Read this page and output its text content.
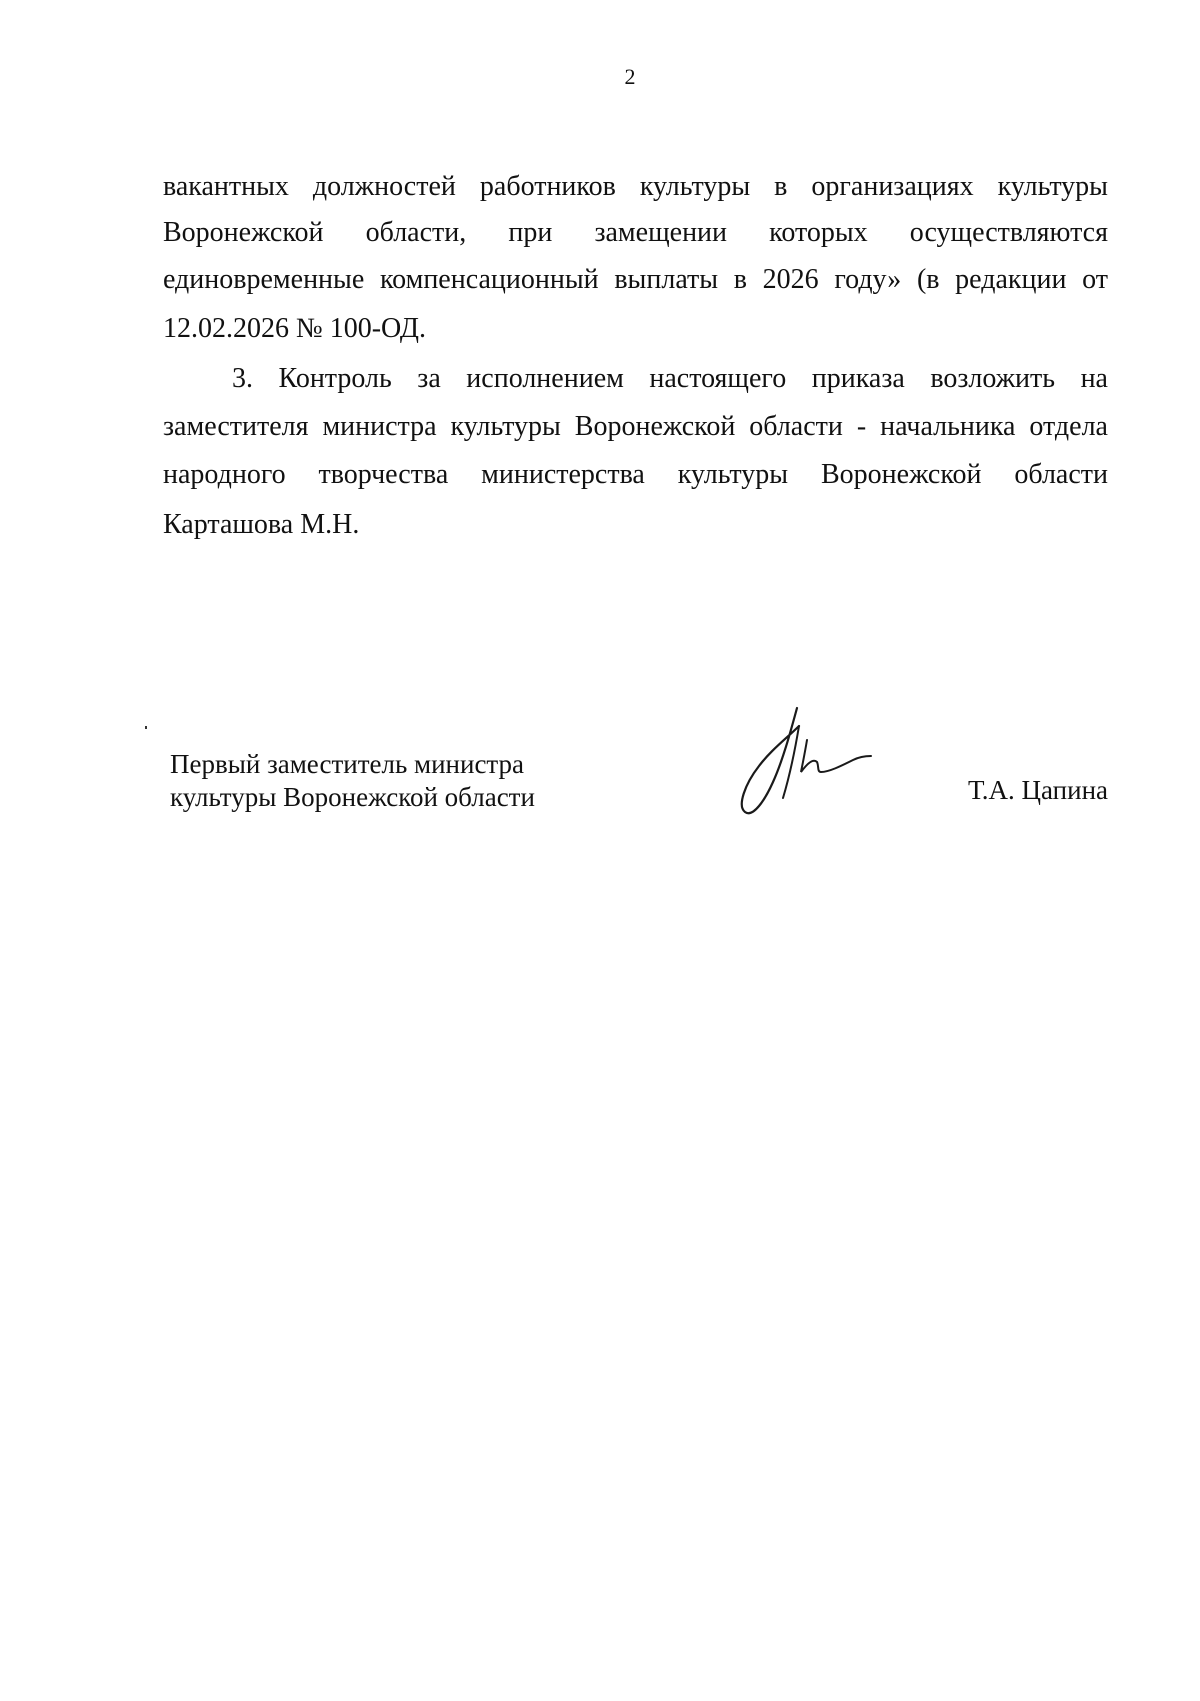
2
вакантных должностей работников культуры в организациях культуры
Воронежской области, при замещении которых осуществляются
единовременные компенсационный выплаты в 2026 году» (в редакции от
12.02.2026 № 100-ОД.
3. Контроль за исполнением настоящего приказа возложить на
заместителя министра культуры Воронежской области - начальника отдела
народного творчества министерства культуры Воронежской области
Карташова М.Н.
Первый заместитель министра
культуры Воронежской области	Т.А. Цапина
